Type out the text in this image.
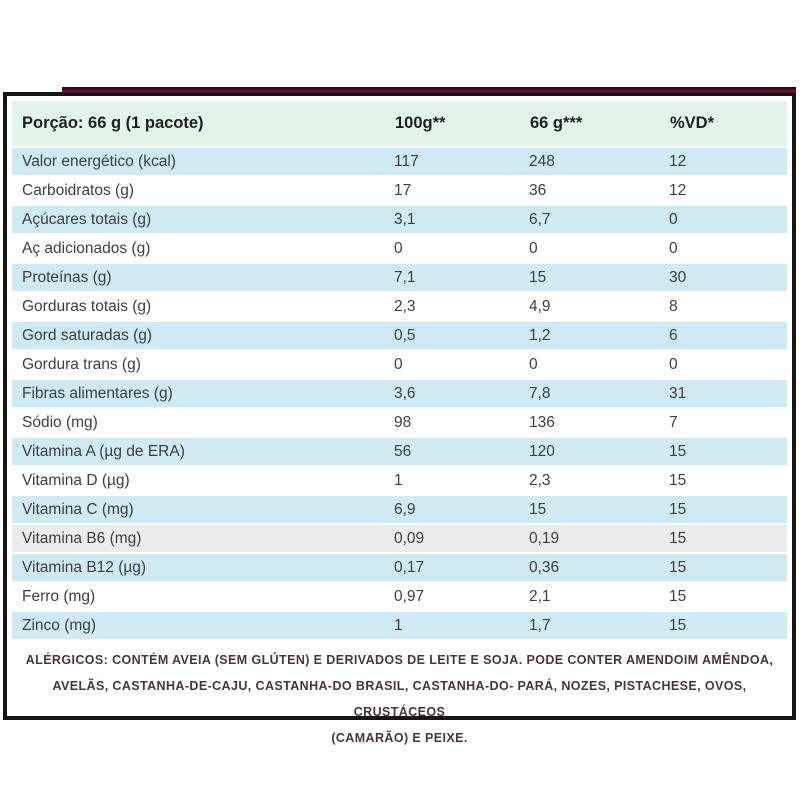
Porção: 66 g (1 pacote)	100g**	66 g***	%VD*
Valor energético (kcal)	117	248	12
Carboidratos (g)	17	36	12
Açúcares totais (g)	3,1	6,7	0
Aç adicionados (g)	0	0	0
Proteínas (g)	7,1	15	30
Gorduras totais (g)	2,3	4,9	8
Gord saturadas (g)	0,5	1,2	6
Gordura trans (g)	0	0	0
Fibras alimentares (g)	3,6	7,8	31
Sódio (mg)	98	136	7
Vitamina A (µg de ERA)	56	120	15
Vitamina D (µg)	1	2,3	15
Vitamina C (mg)	6,9	15	15
Vitamina B6 (mg)	0,09	0,19	15
Vitamina B12 (µg)	0,17	0,36	15
Ferro (mg)	0,97	2,1	15
Zinco (mg)	1	1,7	15
ALÉRGICOS: CONTÉM AVEIA (SEM GLÚTEN) E DERIVADOS DE LEITE E SOJA. PODE CONTER AMENDOIM AMÊNDOA,
AVELÃS, CASTANHA-DE-CAJU, CASTANHA-DO BRASIL, CASTANHA-DO- PARÁ, NOZES, PISTACHESE, OVOS, CRUSTÁCEOS
(CAMARÃO) E PEIXE.
